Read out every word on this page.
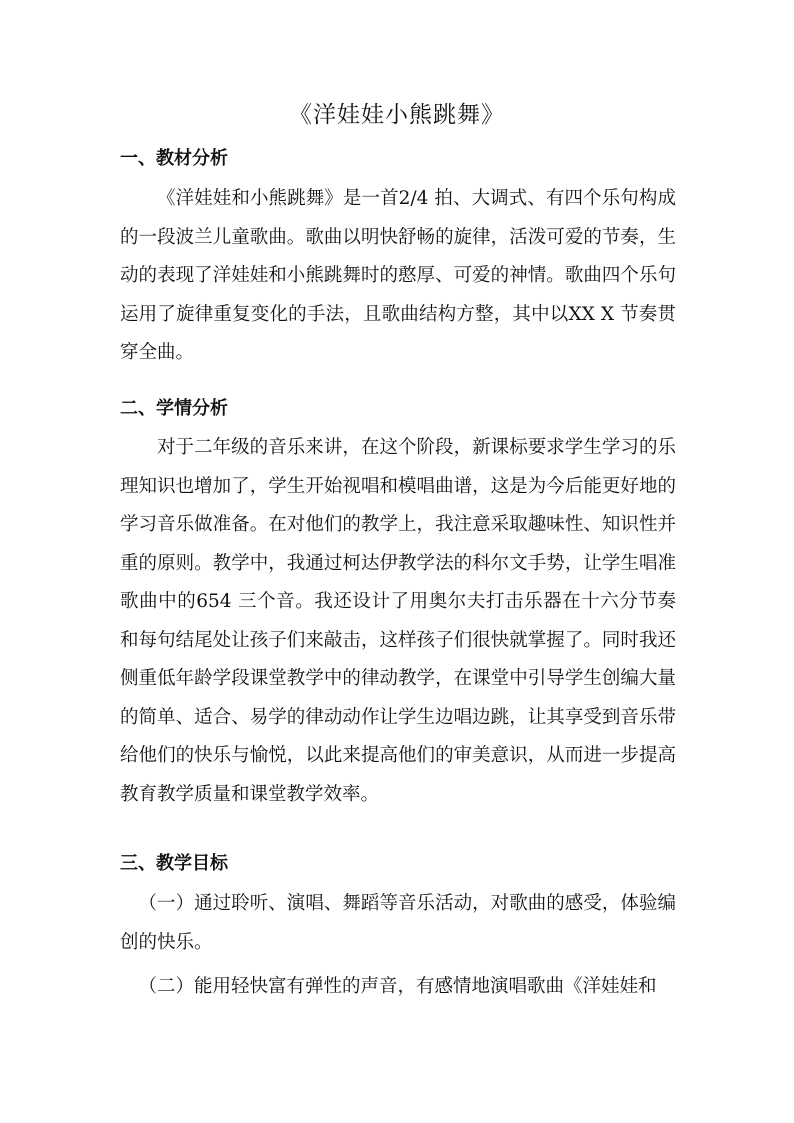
《洋娃娃小熊跳舞》
一、教材分析

《洋娃娃和小熊跳舞》是一首2/4 拍、大调式、有四个乐句构成的一段波兰儿童歌曲。歌曲以明快舒畅的旋律，活泼可爱的节奏，生动的表现了洋娃娃和小熊跳舞时的憨厚、可爱的神情。歌曲四个乐句运用了旋律重复变化的手法，且歌曲结构方整，其中以XX X 节奏贯穿全曲。

二、学情分析

对于二年级的音乐来讲，在这个阶段，新课标要求学生学习的乐理知识也增加了，学生开始视唱和模唱曲谱，这是为今后能更好地的学习音乐做准备。在对他们的教学上，我注意采取趣味性、知识性并重的原则。教学中，我通过柯达伊教学法的科尔文手势，让学生唱准歌曲中的654 三个音。我还设计了用奥尔夫打击乐器在十六分节奏和每句结尾处让孩子们来敲击，这样孩子们很快就掌握了。同时我还侧重低年龄学段课堂教学中的律动教学，在课堂中引导学生创编大量的简单、适合、易学的律动动作让学生边唱边跳，让其享受到音乐带给他们的快乐与愉悦，以此来提高他们的审美意识，从而进一步提高教育教学质量和课堂教学效率。

三、教学目标

（一）通过聆听、演唱、舞蹈等音乐活动，对歌曲的感受，体验编创的快乐。

（二）能用轻快富有弹性的声音，有感情地演唱歌曲《洋娃娃和
